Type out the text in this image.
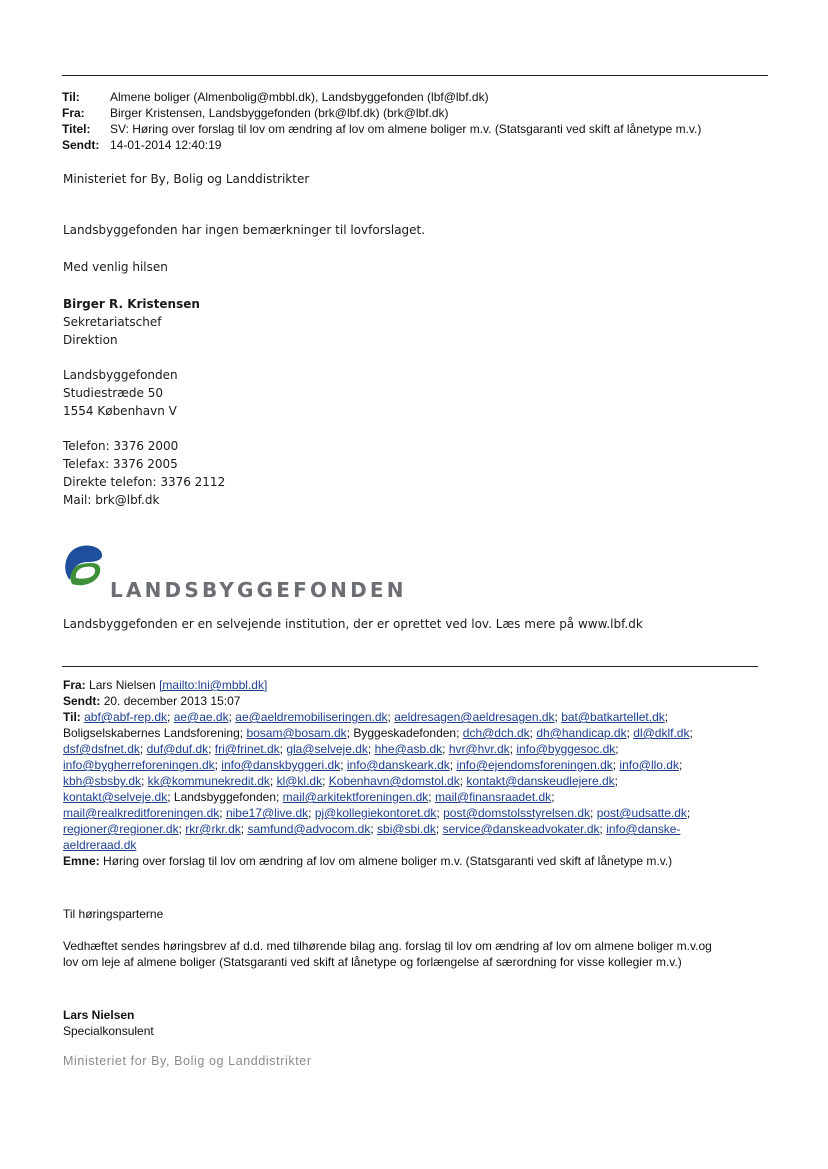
Til:	Almene boliger (Almenbolig@mbbl.dk), Landsbyggefonden (lbf@lbf.dk)
Fra:	Birger Kristensen, Landsbyggefonden (brk@lbf.dk) (brk@lbf.dk)
Titel:	SV: Høring over forslag til lov om ændring af lov om almene boliger m.v. (Statsgaranti ved skift af lånetype m.v.)
Sendt: 14-01-2014 12:40:19
Ministeriet for By, Bolig og Landdistrikter
Landsbyggefonden har ingen bemærkninger til lovforslaget.
Med venlig hilsen
Birger R. Kristensen
Sekretariatschef
Direktion
Landsbyggefonden
Studiestræde 50
1554 København V
Telefon: 3376 2000
Telefax: 3376 2005
Direkte telefon: 3376 2112
Mail: brk@lbf.dk
LANDSBYGGEFONDEN
Landsbyggefonden er en selvejende institution, der er oprettet ved lov. Læs mere på www.lbf.dk
Fra: Lars Nielsen [mailto:lni@mbbl.dk]
Sendt: 20. december 2013 15:07
Til: abf@abf-rep.dk; ae@ae.dk; ae@aeldremobiliseringen.dk; aeldresagen@aeldresagen.dk; bat@batkartellet.dk;
Boligselskabernes Landsforening; bosam@bosam.dk; Byggeskadefonden; dch@dch.dk; dh@handicap.dk; dl@dklf.dk;
dsf@dsfnet.dk; duf@duf.dk; fri@frinet.dk; gla@selveje.dk; hhe@asb.dk; hvr@hvr.dk; info@byggesoc.dk;
info@bygherreforeningen.dk; info@danskbyggeri.dk; info@danskeark.dk; info@ejendomsforeningen.dk; info@llo.dk;
kbh@sbsby.dk; kk@kommunekredit.dk; kl@kl.dk; Kobenhavn@domstol.dk; kontakt@danskeudlejere.dk;
kontakt@selveje.dk; Landsbyggefonden; mail@arkitektforeningen.dk; mail@finansraadet.dk;
mail@realkreditforeningen.dk; nibe17@live.dk; pj@kollegiekontoret.dk; post@domstolsstyrelsen.dk; post@udsatte.dk;
regioner@regioner.dk; rkr@rkr.dk; samfund@advocom.dk; sbi@sbi.dk; service@danskeadvokater.dk; info@danske-
aeldreraad.dk
Emne: Høring over forslag til lov om ændring af lov om almene boliger m.v. (Statsgaranti ved skift af lånetype m.v.)
Til høringsparterne
Vedhæftet sendes høringsbrev af d.d. med tilhørende bilag ang. forslag til lov om ændring af lov om almene boliger m.v.og
lov om leje af almene boliger (Statsgaranti ved skift af lånetype og forlængelse af særordning for visse kollegier m.v.)
Lars Nielsen
Specialkonsulent
Ministeriet for By, Bolig og Landdistrikter
